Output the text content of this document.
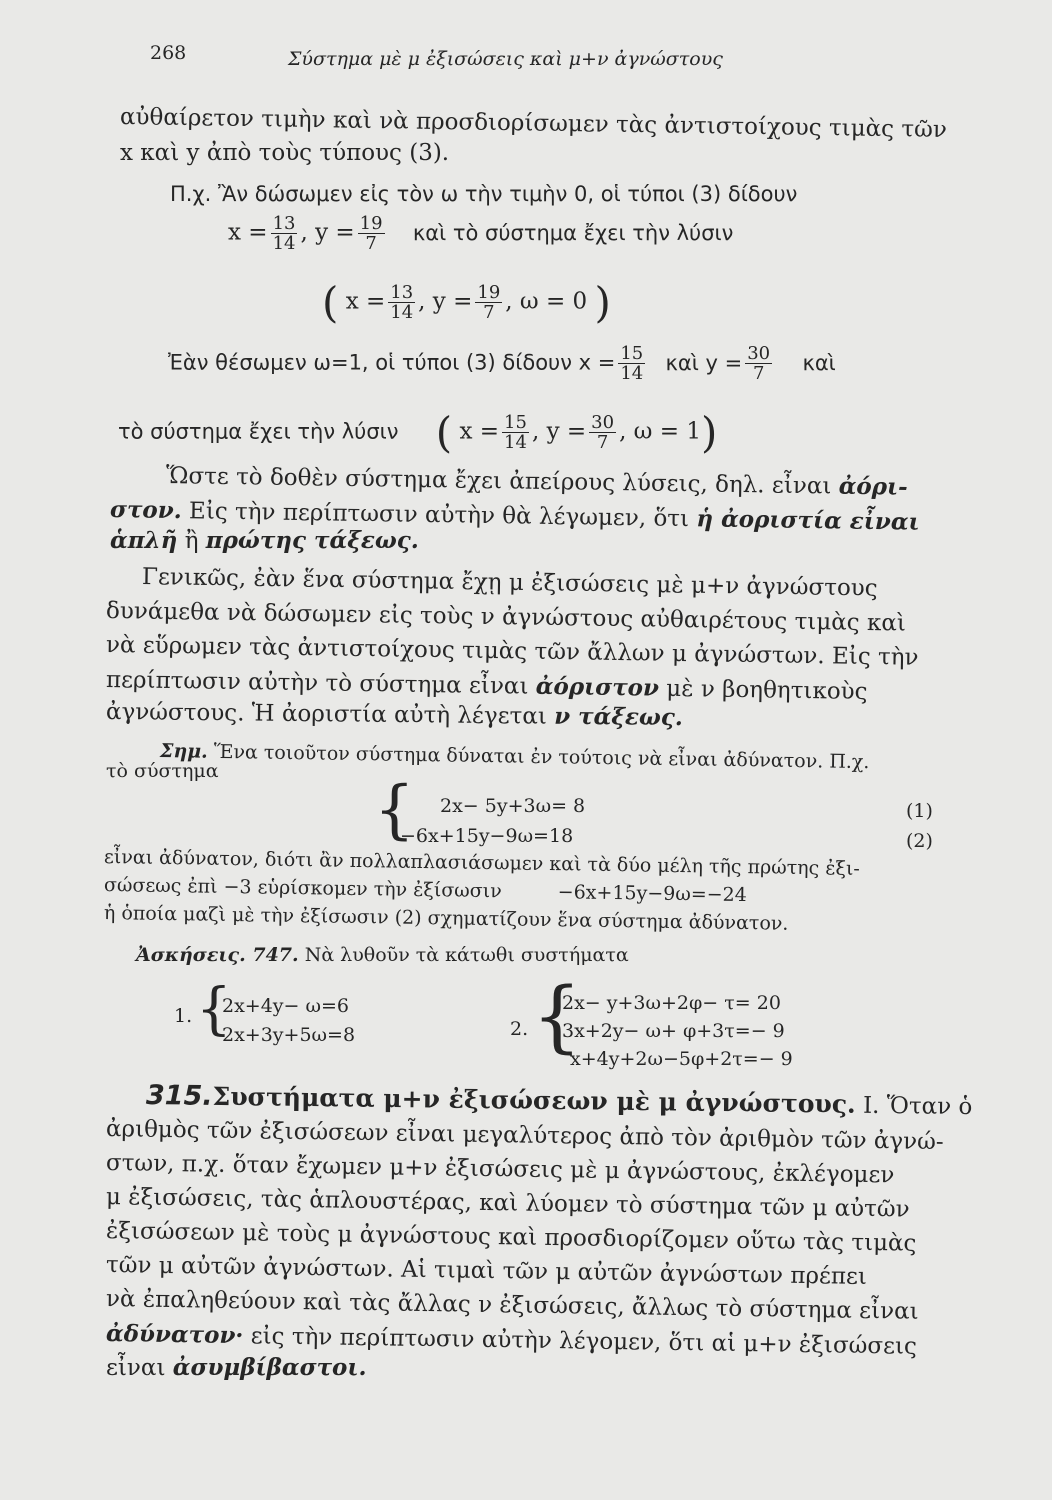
268	Σύστημα μὲ μ ἐξισώσεις καὶ μ+ν ἀγνώστους
αὐθαίρετον τιμὴν καὶ νὰ προσδιορίσωμεν τὰς ἀντιστοίχους τιμὰς τῶν
x καὶ y ἀπὸ τοὺς τύπους (3).
Π.χ. Ἂν δώσωμεν εἰς τὸν ω τὴν τιμὴν 0, οἱ τύποι (3) δίδουν
$x = \frac{13}{14}$ , $y = \frac{19}{7}$ καὶ τὸ σύστημα ἔχει τὴν λύσιν
( $x = \frac{13}{14}$ , $y = \frac{19}{7}$ , ω = 0 )
Ἐὰν θέσωμεν ω=1, οἱ τύποι (3) δίδουν $x = \frac{15}{14}$ καὶ $y = \frac{30}{7}$ καὶ
τὸ σύστημα ἔχει τὴν λύσιν ( $x = \frac{15}{14}$ , $y = \frac{30}{7}$ , ω = 1)
Ὥστε τὸ δοθὲν σύστημα ἔχει ἀπείρους λύσεις, δηλ. εἶναι ἀόρι-
στον. Εἰς τὴν περίπτωσιν αὐτὴν θὰ λέγωμεν, ὅτι ἡ ἀοριστία εἶναι
ἁπλῆ ἢ πρώτης τάξεως.
Γενικῶς, ἐὰν ἕνα σύστημα ἔχῃ μ ἐξισώσεις μὲ μ+ν ἀγνώστους
δυνάμεθα νὰ δώσωμεν εἰς τοὺς ν ἀγνώστους αὐθαιρέτους τιμὰς καὶ
νὰ εὕρωμεν τὰς ἀντιστοίχους τιμὰς τῶν ἄλλων μ ἀγνώστων. Εἰς τὴν
περίπτωσιν αὐτὴν τὸ σύστημα εἶναι ἀόριστον μὲ ν βοηθητικοὺς
ἀγνώστους. Ἡ ἀοριστία αὐτὴ λέγεται ν τάξεως.
Σημ. Ἕνα τοιοῦτον σύστημα δύναται ἐν τούτοις νὰ εἶναι ἀδύνατον. Π.χ.
τὸ σύστημα
{ 2x− 5y+3ω= 8
−6x+15y−9ω=18
(1)
(2)
εἶναι ἀδύνατον, διότι ἂν πολλαπλασιάσωμεν καὶ τὰ δύο μέλη τῆς πρώτης ἐξι-
σώσεως ἐπὶ −3 εὑρίσκομεν τὴν ἐξίσωσιν	−6x+15y−9ω=−24
ἡ ὁποία μαζὶ μὲ τὴν ἐξίσωσιν (2) σχηματίζουν ἕνα σύστημα ἀδύνατον.
Ἀσκήσεις. 747. Νὰ λυθοῦν τὰ κάτωθι συστήματα
1. {
2x+4y− ω=6
2x+3y+5ω=8	2. {
2x− y+3ω+2φ− τ= 20
3x+2y− ω+ φ+3τ=− 9
x+4y+2ω−5φ+2τ=− 9
315.Συστήματα μ+ν ἐξισώσεων μὲ μ ἀγνώστους. I. Ὅταν ὁ
ἀριθμὸς τῶν ἐξισώσεων εἶναι μεγαλύτερος ἀπὸ τὸν ἀριθμὸν τῶν ἀγνώ-
στων, π.χ. ὅταν ἔχωμεν μ+ν ἐξισώσεις μὲ μ ἀγνώστους, ἐκλέγομεν
μ ἐξισώσεις, τὰς ἁπλουστέρας, καὶ λύομεν τὸ σύστημα τῶν μ αὐτῶν
ἐξισώσεων μὲ τοὺς μ ἀγνώστους καὶ προσδιορίζομεν οὕτω τὰς τιμὰς
τῶν μ αὐτῶν ἀγνώστων. Αἱ τιμαὶ τῶν μ αὐτῶν ἀγνώστων πρέπει
νὰ ἐπαληθεύουν καὶ τὰς ἄλλας ν ἐξισώσεις, ἄλλως τὸ σύστημα εἶναι
ἀδύνατον· εἰς τὴν περίπτωσιν αὐτὴν λέγομεν, ὅτι αἱ μ+ν ἐξισώσεις
εἶναι ἀσυμβίβαστοι.
